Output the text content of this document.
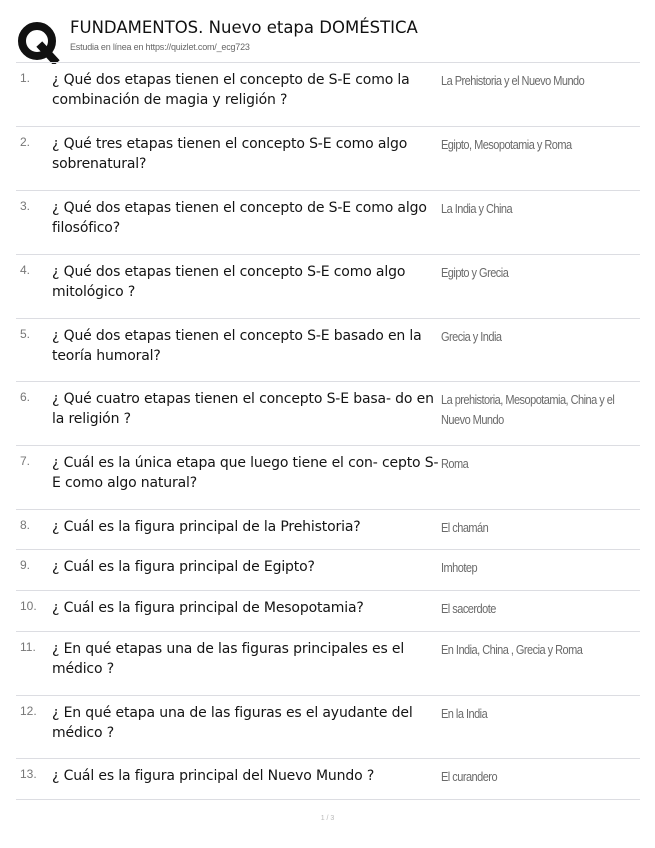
FUNDAMENTOS. Nuevo etapa DOMÉSTICA
Estudia en línea en https://quizlet.com/_ecg723
1. ¿ Qué dos etapas tienen el concepto de S-E como la combinación de magia y religión ?
La Prehistoria y el Nuevo Mundo
2. ¿ Qué tres etapas tienen el concepto S-E como algo sobrenatural?
Egipto, Mesopotamia y Roma
3. ¿ Qué dos etapas tienen el concepto de S-E como algo filosófico?
La India y China
4. ¿ Qué dos etapas tienen el concepto S-E como algo mitológico ?
Egipto y Grecia
5. ¿ Qué dos etapas tienen el concepto S-E basado en la teoría humoral?
Grecia y India
6. ¿ Qué cuatro etapas tienen el concepto S-E basa- do en la religión ?
La prehistoria, Mesopotamia, China y el Nuevo Mundo
7. ¿ Cuál es la única etapa que luego tiene el con- cepto S-E como algo natural?
Roma
8. ¿ Cuál es la figura principal de la Prehistoria?	El chamán
9. ¿ Cuál es la figura principal de Egipto?	Imhotep
10. ¿ Cuál es la figura principal de Mesopotamia?	El sacerdote
11. ¿ En qué etapas una de las figuras principales es el médico ?
En India, China , Grecia y Roma
12. ¿ En qué etapa una de las figuras es el ayudante del médico ?
En la India
13. ¿ Cuál es la figura principal del Nuevo Mundo ?	El curandero
1 / 3
